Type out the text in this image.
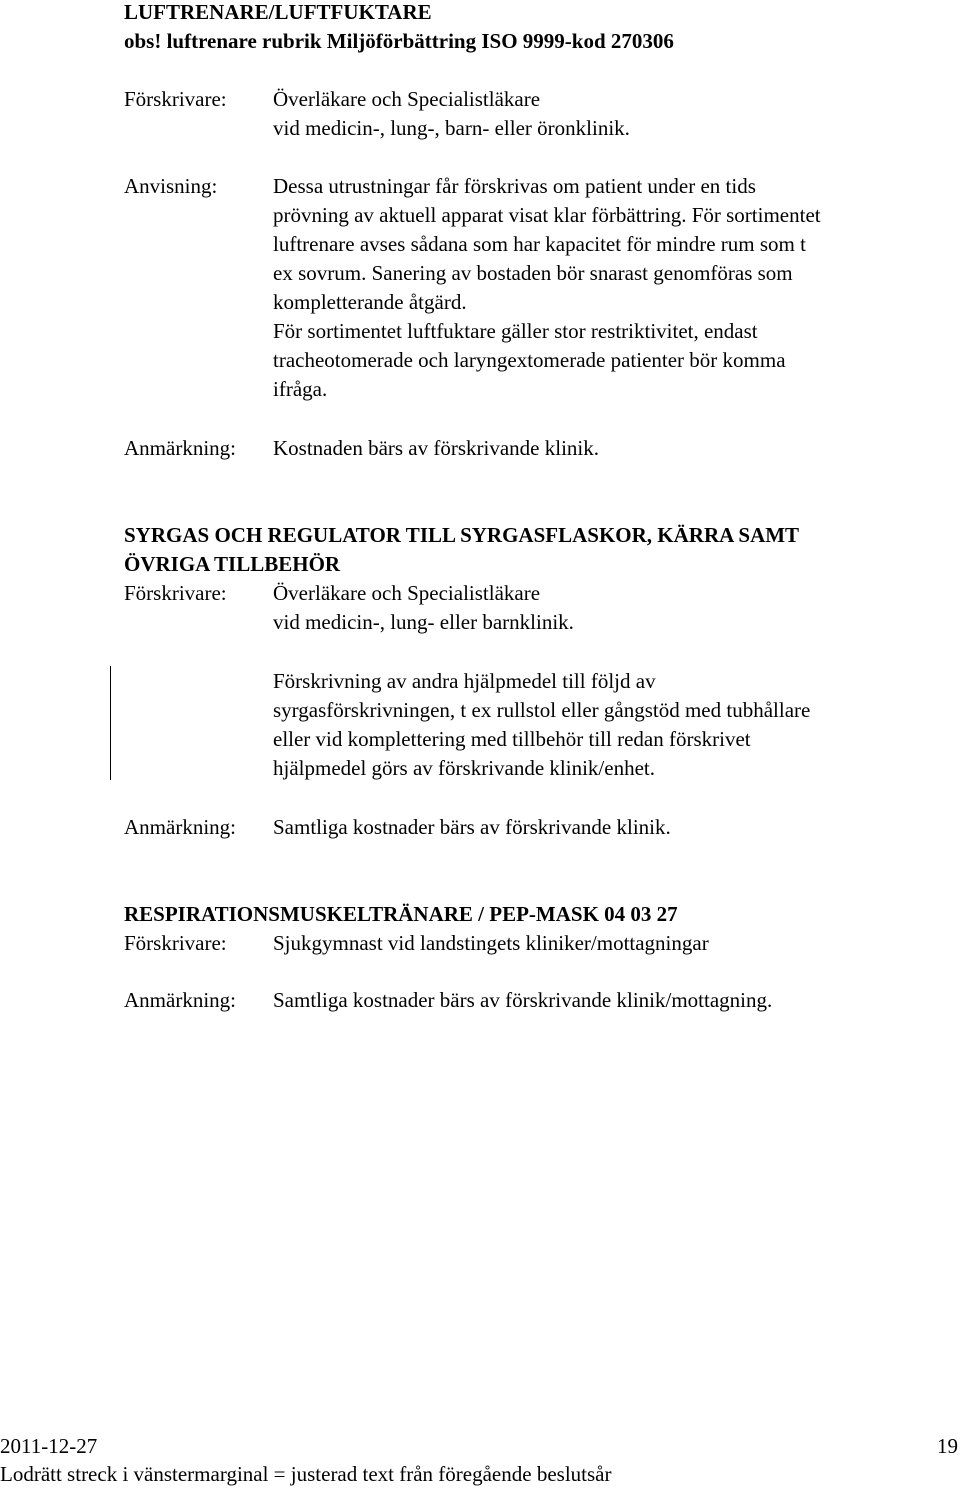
LUFTRENARE/LUFTFUKTARE
obs! luftrenare rubrik Miljöförbättring ISO 9999-kod 270306
Förskrivare: Överläkare och Specialistläkare
vid medicin-, lung-, barn- eller öronklinik.
Anvisning:	Dessa utrustningar får förskrivas om patient under en tids
prövning av aktuell apparat visat klar förbättring. För sortimentet
luftrenare avses sådana som har kapacitet för mindre rum som t
ex sovrum. Sanering av bostaden bör snarast genomföras som
kompletterande åtgärd.
För sortimentet luftfuktare gäller stor restriktivitet, endast
tracheotomerade och laryngextomerade patienter bör komma
ifråga.
Anmärkning: Kostnaden bärs av förskrivande klinik.
SYRGAS OCH REGULATOR TILL SYRGASFLASKOR, KÄRRA SAMT
ÖVRIGA TILLBEHÖR
Förskrivare: Överläkare och Specialistläkare
vid medicin-, lung- eller barnklinik.
Förskrivning av andra hjälpmedel till följd av
syrgasförskrivningen, t ex rullstol eller gångstöd med tubhållare
eller vid komplettering med tillbehör till redan förskrivet
hjälpmedel görs av förskrivande klinik/enhet.
Anmärkning: Samtliga kostnader bärs av förskrivande klinik.
RESPIRATIONSMUSKELTRÄNARE / PEP-MASK 04 03 27
Förskrivare: Sjukgymnast vid landstingets kliniker/mottagningar
Anmärkning: Samtliga kostnader bärs av förskrivande klinik/mottagning.
2011-12-27	19
Lodrätt streck i vänstermarginal = justerad text från föregående beslutsår
